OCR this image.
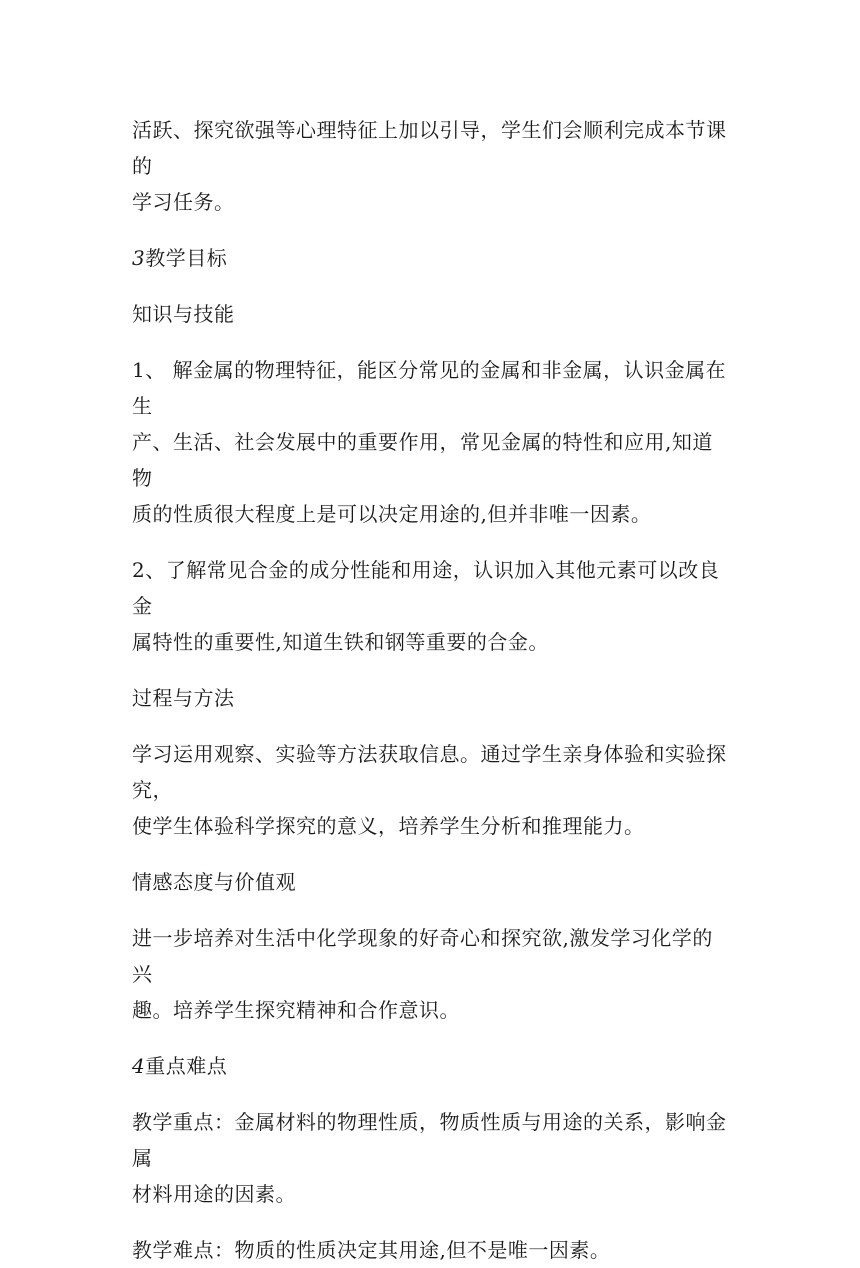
活跃、探究欲强等心理特征上加以引导，学生们会顺利完成本节课的
学习任务。

3教学目标

知识与技能

1、 解金属的物理特征，能区分常见的金属和非金属，认识金属在生
产、生活、社会发展中的重要作用，常见金属的特性和应用,知道物
质的性质很大程度上是可以决定用途的,但并非唯一因素。

2、了解常见合金的成分性能和用途，认识加入其他元素可以改良金
属特性的重要性,知道生铁和钢等重要的合金。

过程与方法

学习运用观察、实验等方法获取信息。通过学生亲身体验和实验探究，
使学生体验科学探究的意义，培养学生分析和推理能力。

情感态度与价值观

进一步培养对生活中化学现象的好奇心和探究欲,激发学习化学的兴
趣。培养学生探究精神和合作意识。

4重点难点

教学重点：金属材料的物理性质，物质性质与用途的关系，影响金属
材料用途的因素。

教学难点：物质的性质决定其用途,但不是唯一因素。
